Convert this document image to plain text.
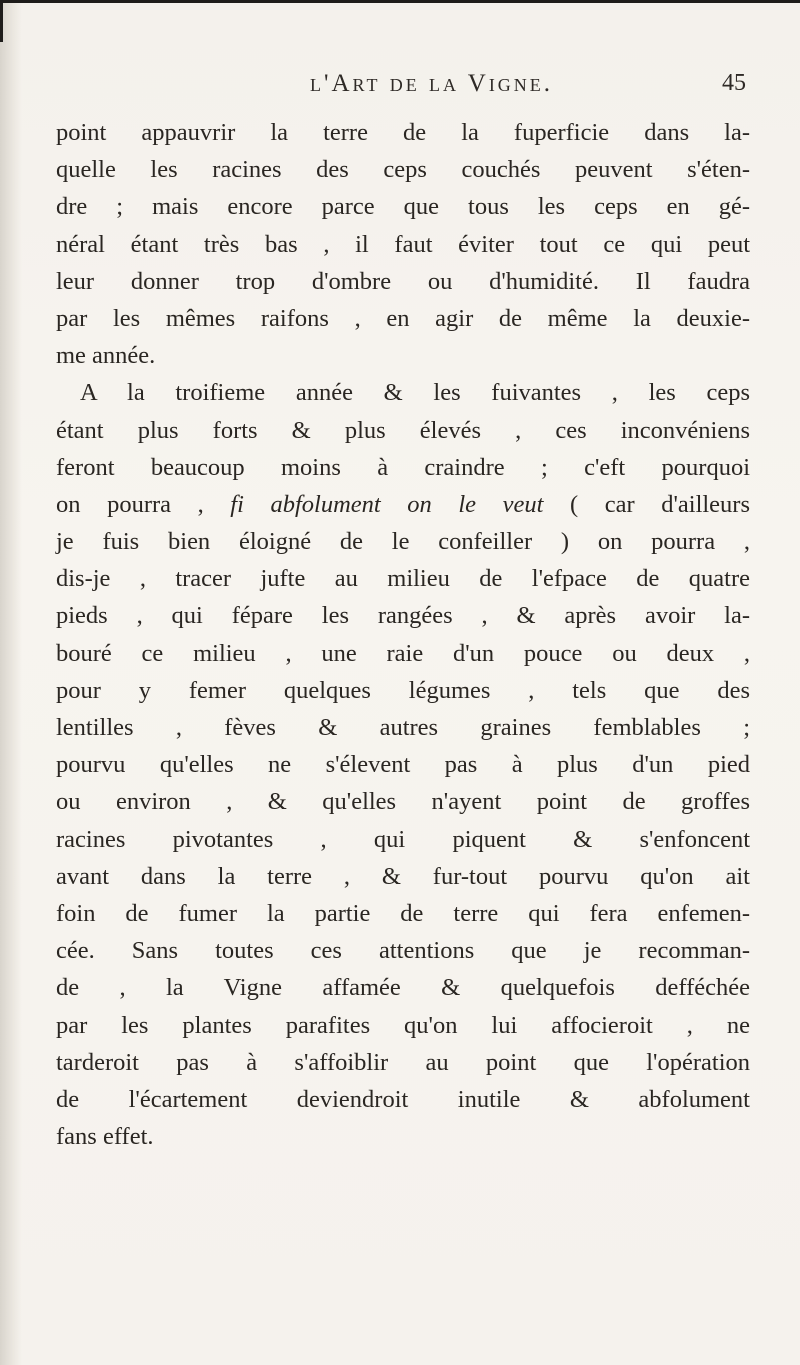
l'Art de la Vigne.	45
point appauvrir la terre de la fuperficie dans la-
quelle les racines des ceps couchés peuvent s'éten-
dre ; mais encore parce que tous les ceps en gé-
néral étant très bas , il faut éviter tout ce qui peut
leur donner trop d'ombre ou d'humidité. Il faudra
par les mêmes raifons , en agir de même la deuxie-
me année.
A la troifieme année & les fuivantes , les ceps
étant plus forts & plus élevés , ces inconvéniens
feront beaucoup moins à craindre ; c'eft pourquoi
on pourra , fi abfolument on le veut ( car d'ailleurs
je fuis bien éloigné de le confeiller ) on pourra ,
dis-je , tracer jufte au milieu de l'efpace de quatre
pieds , qui fépare les rangées , & après avoir la-
bouré ce milieu , une raie d'un pouce ou deux ,
pour y femer quelques légumes , tels que des
lentilles , fèves & autres graines femblables ;
pourvu qu'elles ne s'élevent pas à plus d'un pied
ou environ , & qu'elles n'ayent point de groffes
racines pivotantes , qui piquent & s'enfoncent
avant dans la terre , & fur-tout pourvu qu'on ait
foin de fumer la partie de terre qui fera enfemen-
cée. Sans toutes ces attentions que je recomman-
de , la Vigne affamée & quelquefois defféchée
par les plantes parafites qu'on lui affocieroit , ne
tarderoit pas à s'affoiblir au point que l'opération
de l'écartement deviendroit inutile & abfolument
fans effet.
